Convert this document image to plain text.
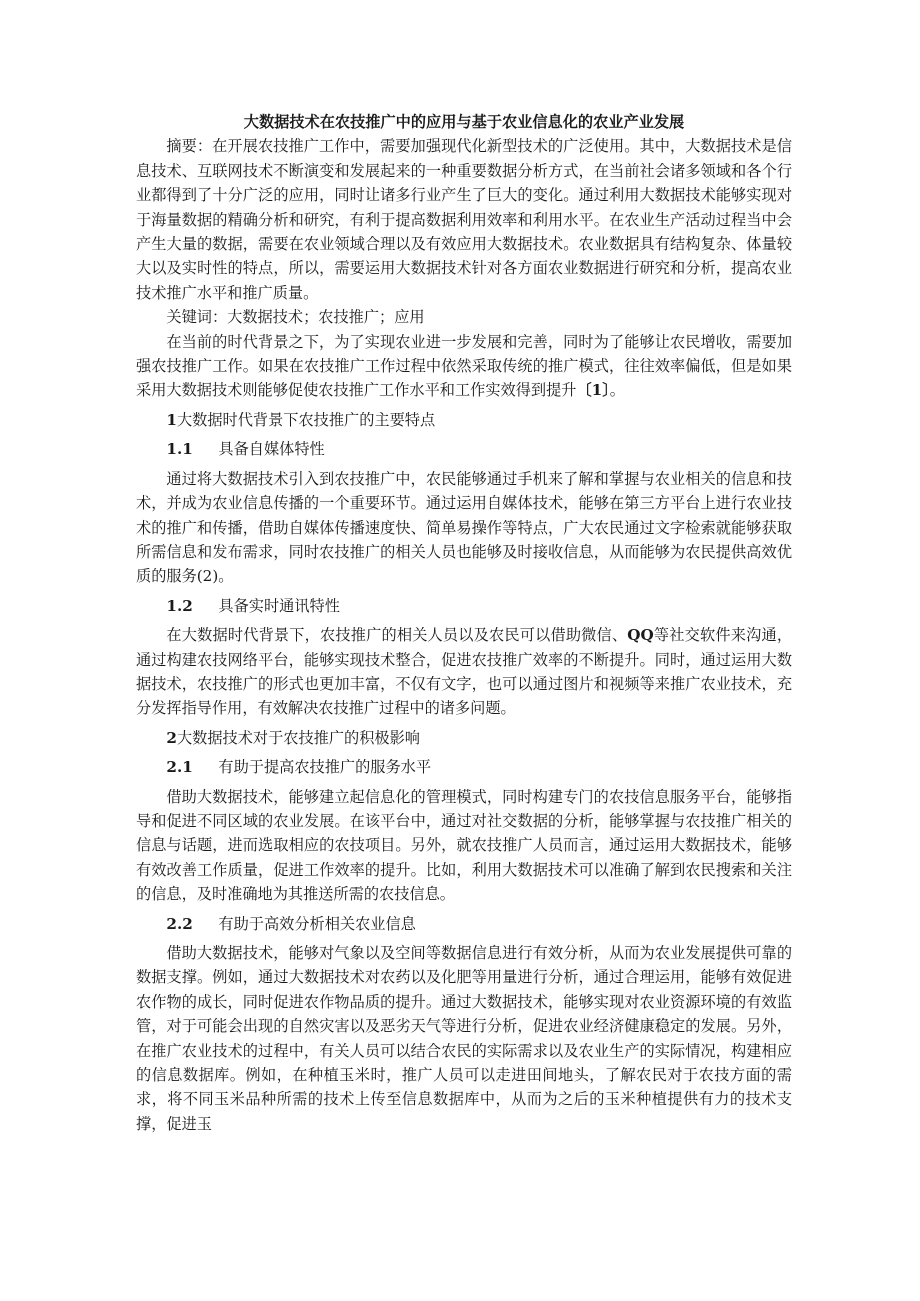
大数据技术在农技推广中的应用与基于农业信息化的农业产业发展

摘要：在开展农技推广工作中，需要加强现代化新型技术的广泛使用。其中，大数据技术是信息技术、互联网技术不断演变和发展起来的一种重要数据分析方式，在当前社会诸多领域和各个行业都得到了十分广泛的应用，同时让诸多行业产生了巨大的变化。通过利用大数据技术能够实现对于海量数据的精确分析和研究，有利于提高数据利用效率和利用水平。在农业生产活动过程当中会产生大量的数据，需要在农业领域合理以及有效应用大数据技术。农业数据具有结构复杂、体量较大以及实时性的特点，所以，需要运用大数据技术针对各方面农业数据进行研究和分析，提高农业技术推广水平和推广质量。

关键词：大数据技术；农技推广；应用

在当前的时代背景之下，为了实现农业进一步发展和完善，同时为了能够让农民增收，需要加强农技推广工作。如果在农技推广工作过程中依然采取传统的推广模式，往往效率偏低，但是如果采用大数据技术则能够促使农技推广工作水平和工作实效得到提升〔1〕。

1大数据时代背景下农技推广的主要特点
1.1 具备自媒体特性

通过将大数据技术引入到农技推广中，农民能够通过手机来了解和掌握与农业相关的信息和技术，并成为农业信息传播的一个重要环节。通过运用自媒体技术，能够在第三方平台上进行农业技术的推广和传播，借助自媒体传播速度快、简单易操作等特点，广大农民通过文字检索就能够获取所需信息和发布需求，同时农技推广的相关人员也能够及时接收信息，从而能够为农民提供高效优质的服务(2)。

1.2 具备实时通讯特性

在大数据时代背景下，农技推广的相关人员以及农民可以借助微信、QQ等社交软件来沟通，通过构建农技网络平台，能够实现技术整合，促进农技推广效率的不断提升。同时，通过运用大数据技术，农技推广的形式也更加丰富，不仅有文字，也可以通过图片和视频等来推广农业技术，充分发挥指导作用，有效解决农技推广过程中的诸多问题。

2大数据技术对于农技推广的积极影响
2.1 有助于提高农技推广的服务水平

借助大数据技术，能够建立起信息化的管理模式，同时构建专门的农技信息服务平台，能够指导和促进不同区域的农业发展。在该平台中，通过对社交数据的分析，能够掌握与农技推广相关的信息与话题，进而选取相应的农技项目。另外，就农技推广人员而言，通过运用大数据技术，能够有效改善工作质量，促进工作效率的提升。比如，利用大数据技术可以准确了解到农民搜索和关注的信息，及时准确地为其推送所需的农技信息。

2.2 有助于高效分析相关农业信息

借助大数据技术，能够对气象以及空间等数据信息进行有效分析，从而为农业发展提供可靠的数据支撑。例如，通过大数据技术对农药以及化肥等用量进行分析，通过合理运用，能够有效促进农作物的成长，同时促进农作物品质的提升。通过大数据技术，能够实现对农业资源环境的有效监管，对于可能会出现的自然灾害以及恶劣天气等进行分析，促进农业经济健康稳定的发展。另外，在推广农业技术的过程中，有关人员可以结合农民的实际需求以及农业生产的实际情况，构建相应的信息数据库。例如，在种植玉米时，推广人员可以走进田间地头，了解农民对于农技方面的需求，将不同玉米品种所需的技术上传至信息数据库中，从而为之后的玉米种植提供有力的技术支撑，促进玉
